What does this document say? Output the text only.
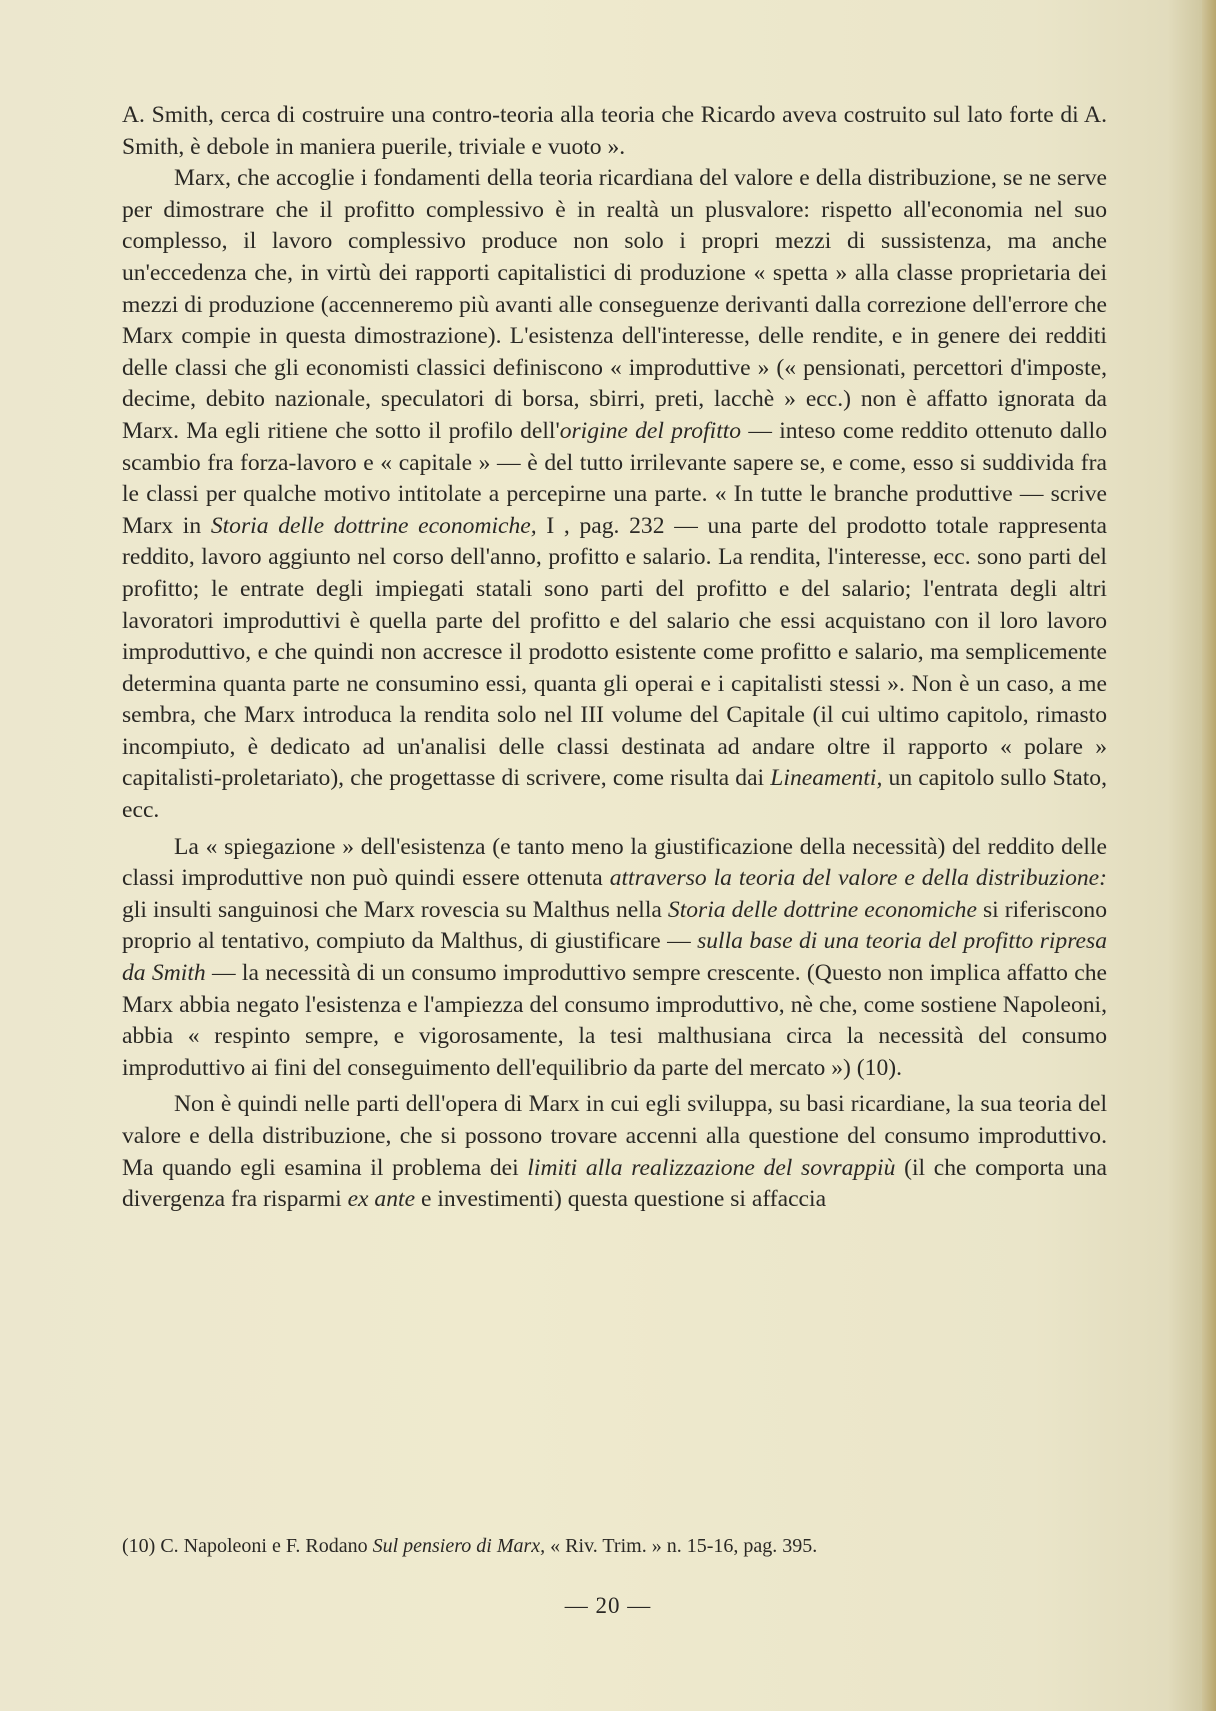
A. Smith, cerca di costruire una contro-teoria alla teoria che Ricardo aveva costruito sul lato forte di A. Smith, è debole in maniera puerile, triviale e vuoto ».

Marx, che accoglie i fondamenti della teoria ricardiana del valore e della distribuzione, se ne serve per dimostrare che il profitto complessivo è in realtà un plusvalore: rispetto all'economia nel suo complesso, il lavoro complessivo produce non solo i propri mezzi di sussistenza, ma anche un'eccedenza che, in virtù dei rapporti capitalistici di produzione « spetta » alla classe proprietaria dei mezzi di produzione (accenneremo più avanti alle conseguenze derivanti dalla correzione dell'errore che Marx compie in questa dimostrazione). L'esistenza dell'interesse, delle rendite, e in genere dei redditi delle classi che gli economisti classici definiscono « improduttive » (« pensionati, percettori d'imposte, decime, debito nazionale, speculatori di borsa, sbirri, preti, lacchè » ecc.) non è affatto ignorata da Marx. Ma egli ritiene che sotto il profilo dell'origine del profitto — inteso come reddito ottenuto dallo scambio fra forza-lavoro e « capitale » — è del tutto irrilevante sapere se, e come, esso si suddivida fra le classi per qualche motivo intitolate a percepirne una parte. « In tutte le branche produttive — scrive Marx in Storia delle dottrine economiche, I , pag. 232 — una parte del prodotto totale rappresenta reddito, lavoro aggiunto nel corso dell'anno, profitto e salario. La rendita, l'interesse, ecc. sono parti del profitto; le entrate degli impiegati statali sono parti del profitto e del salario; l'entrata degli altri lavoratori improduttivi è quella parte del profitto e del salario che essi acquistano con il loro lavoro improduttivo, e che quindi non accresce il prodotto esistente come profitto e salario, ma semplicemente determina quanta parte ne consumino essi, quanta gli operai e i capitalisti stessi ». Non è un caso, a me sembra, che Marx introduca la rendita solo nel III volume del Capitale (il cui ultimo capitolo, rimasto incompiuto, è dedicato ad un'analisi delle classi destinata ad andare oltre il rapporto « polare » capitalisti-proletariato), che progettasse di scrivere, come risulta dai Lineamenti, un capitolo sullo Stato, ecc.

La « spiegazione » dell'esistenza (e tanto meno la giustificazione della necessità) del reddito delle classi improduttive non può quindi essere ottenuta attraverso la teoria del valore e della distribuzione: gli insulti sanguinosi che Marx rovescia su Malthus nella Storia delle dottrine economiche si riferiscono proprio al tentativo, compiuto da Malthus, di giustificare — sulla base di una teoria del profitto ripresa da Smith — la necessità di un consumo improduttivo sempre crescente. (Questo non implica affatto che Marx abbia negato l'esistenza e l'ampiezza del consumo improduttivo, nè che, come sostiene Napoleoni, abbia « respinto sempre, e vigorosamente, la tesi malthusiana circa la necessità del consumo improduttivo ai fini del conseguimento dell'equilibrio da parte del mercato ») (10).

Non è quindi nelle parti dell'opera di Marx in cui egli sviluppa, su basi ricardiane, la sua teoria del valore e della distribuzione, che si possono trovare accenni alla questione del consumo improduttivo. Ma quando egli esamina il problema dei limiti alla realizzazione del sovrappiù (il che comporta una divergenza fra risparmi ex ante e investimenti) questa questione si affaccia

(10) C. Napoleoni e F. Rodano Sul pensiero di Marx, « Riv. Trim. » n. 15-16, pag. 395.
— 20 —
